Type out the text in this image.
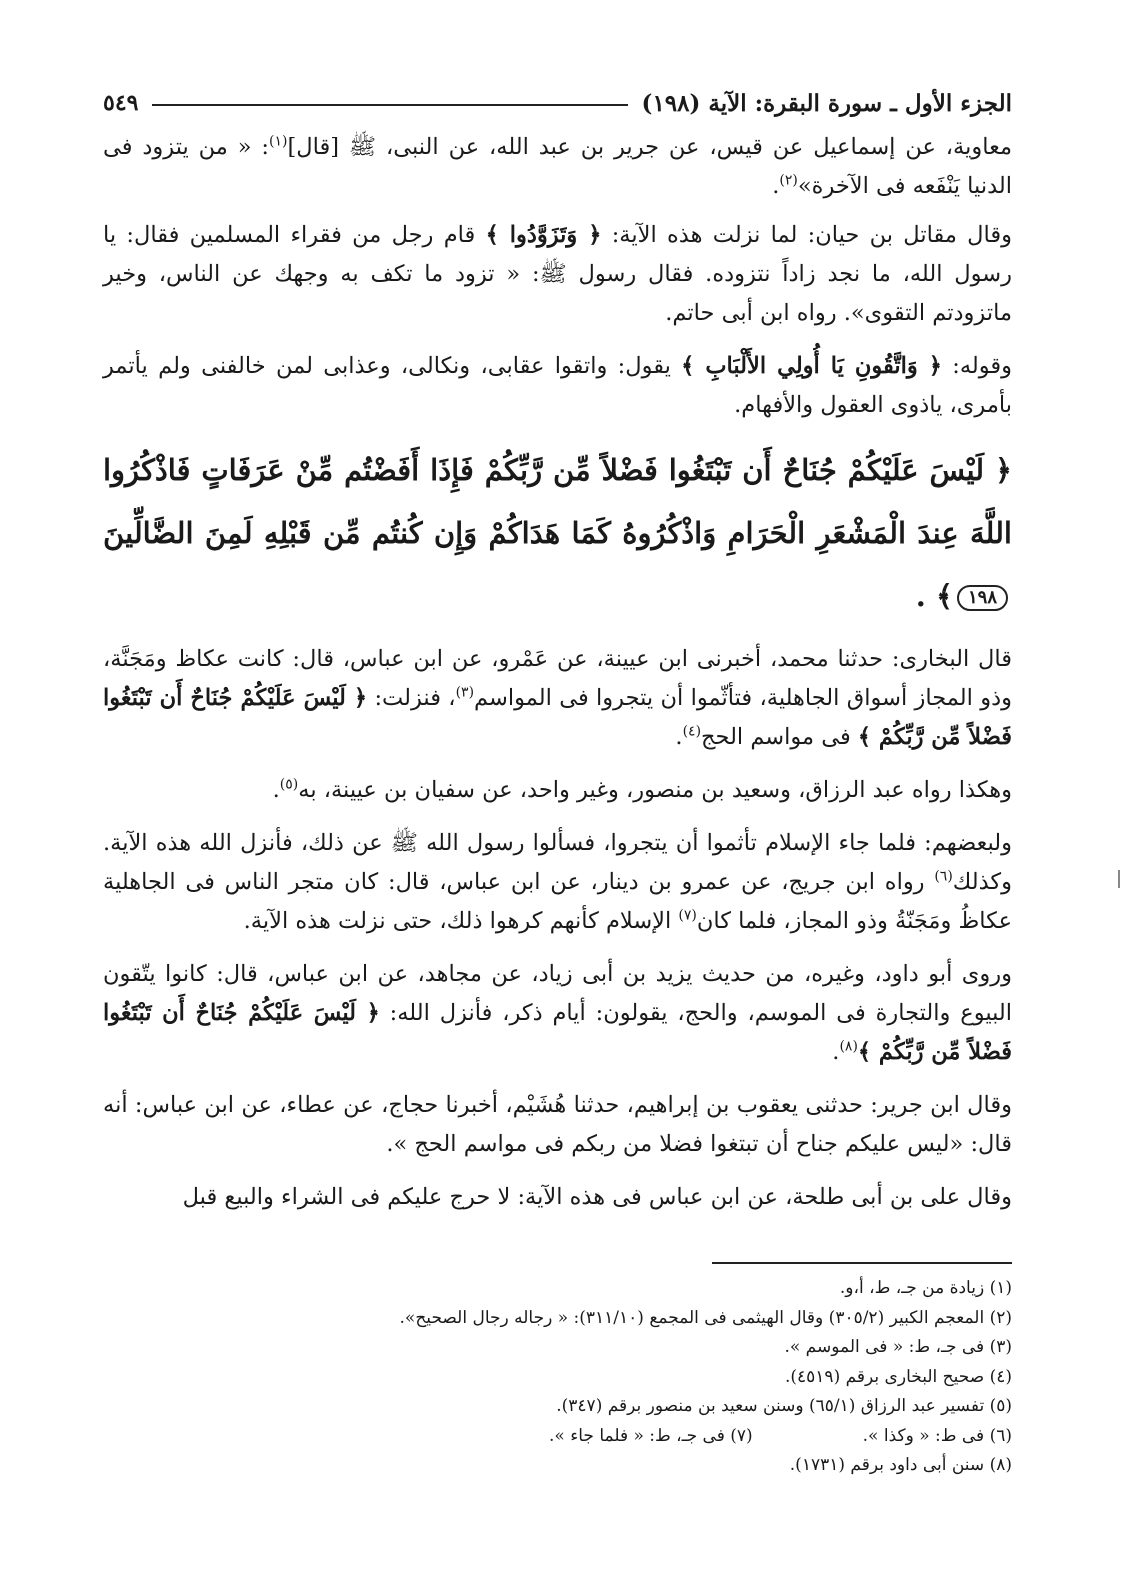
الجزء الأول ـ سورة البقرة: الآية (١٩٨)
٥٤٩

معاوية، عن إسماعيل عن قيس، عن جرير بن عبد الله، عن النبى، ﷺ [قال]$^{(١)}$: « من يتزود فى الدنيا يَنْفَعه فى الآخرة»$^{(٢)}$.

وقال مقاتل بن حيان: لما نزلت هذه الآية: ﴿ وَتَزَوَّدُوا ﴾ قام رجل من فقراء المسلمين فقال: يا رسول الله، ما نجد زاداً نتزوده. فقال رسول ﷺ: « تزود ما تكف به وجهك عن الناس، وخير ماتزودتم التقوى». رواه ابن أبى حاتم.

وقوله: ﴿ وَاتَّقُونِ يَا أُولِي الأَلْبَابِ ﴾ يقول: واتقوا عقابى، ونكالى، وعذابى لمن خالفنى ولم يأتمر بأمرى، ياذوى العقول والأفهام.

﴿ لَيْسَ عَلَيْكُمْ جُنَاحٌ أَن تَبْتَغُوا فَضْلاً مِّن رَّبِّكُمْ فَإِذَا أَفَضْتُم مِّنْ عَرَفَاتٍ فَاذْكُرُوا اللَّهَ عِندَ الْمَشْعَرِ الْحَرَامِ وَاذْكُرُوهُ كَمَا هَدَاكُمْ وَإِن كُنتُم مِّن قَبْلِهِ لَمِنَ الضَّالِّينَ ١٩٨﴾ .

قال البخارى: حدثنا محمد، أخبرنى ابن عيينة، عن عَمْرو، عن ابن عباس، قال: كانت عكاظ ومَجَنَّة، وذو المجاز أسواق الجاهلية، فتأثّموا أن يتجروا فى المواسم$^{(٣)}$، فنزلت: ﴿ لَيْسَ عَلَيْكُمْ جُنَاحٌ أَن تَبْتَغُوا فَضْلاً مِّن رَّبِّكُمْ ﴾ فى مواسم الحج$^{(٤)}$.

وهكذا رواه عبد الرزاق، وسعيد بن منصور، وغير واحد، عن سفيان بن عيينة، به$^{(٥)}$.

ولبعضهم: فلما جاء الإسلام تأثموا أن يتجروا، فسألوا رسول الله ﷺ عن ذلك، فأنزل الله هذه الآية. وكذلك$^{(٦)}$ رواه ابن جريج، عن عمرو بن دينار، عن ابن عباس، قال: كان متجر الناس فى الجاهلية عكاظُ ومَجَنّةُ وذو المجاز، فلما كان$^{(٧)}$ الإسلام كأنهم كرهوا ذلك، حتى نزلت هذه الآية.

وروى أبو داود، وغيره، من حديث يزيد بن أبى زياد، عن مجاهد، عن ابن عباس، قال: كانوا يتّقون البيوع والتجارة فى الموسم، والحج، يقولون: أيام ذكر، فأنزل الله: ﴿ لَيْسَ عَلَيْكُمْ جُنَاحٌ أَن تَبْتَغُوا فَضْلاً مِّن رَّبِّكُمْ ﴾$^{(٨)}$.

وقال ابن جرير: حدثنى يعقوب بن إبراهيم، حدثنا هُشَيْم، أخبرنا حجاج، عن عطاء، عن ابن عباس: أنه قال: «ليس عليكم جناح أن تبتغوا فضلا من ربكم فى مواسم الحج ».

وقال على بن أبى طلحة، عن ابن عباس فى هذه الآية: لا حرج عليكم فى الشراء والبيع قبل

(١) زيادة من جـ، ط، أ،و.

(٢) المعجم الكبير (٣٠٥/٢) وقال الهيثمى فى المجمع (٣١١/١٠): « رجاله رجال الصحيح».

(٣) فى جـ، ط: « فى الموسم ».

(٤) صحيح البخارى برقم (٤٥١٩).

(٥) تفسير عبد الرزاق (٦٥/١) وسنن سعيد بن منصور برقم (٣٤٧).

(٦) فى ط: « وكذا ».

(٧) فى جـ، ط: « فلما جاء ».

(٨) سنن أبى داود برقم (١٧٣١).
